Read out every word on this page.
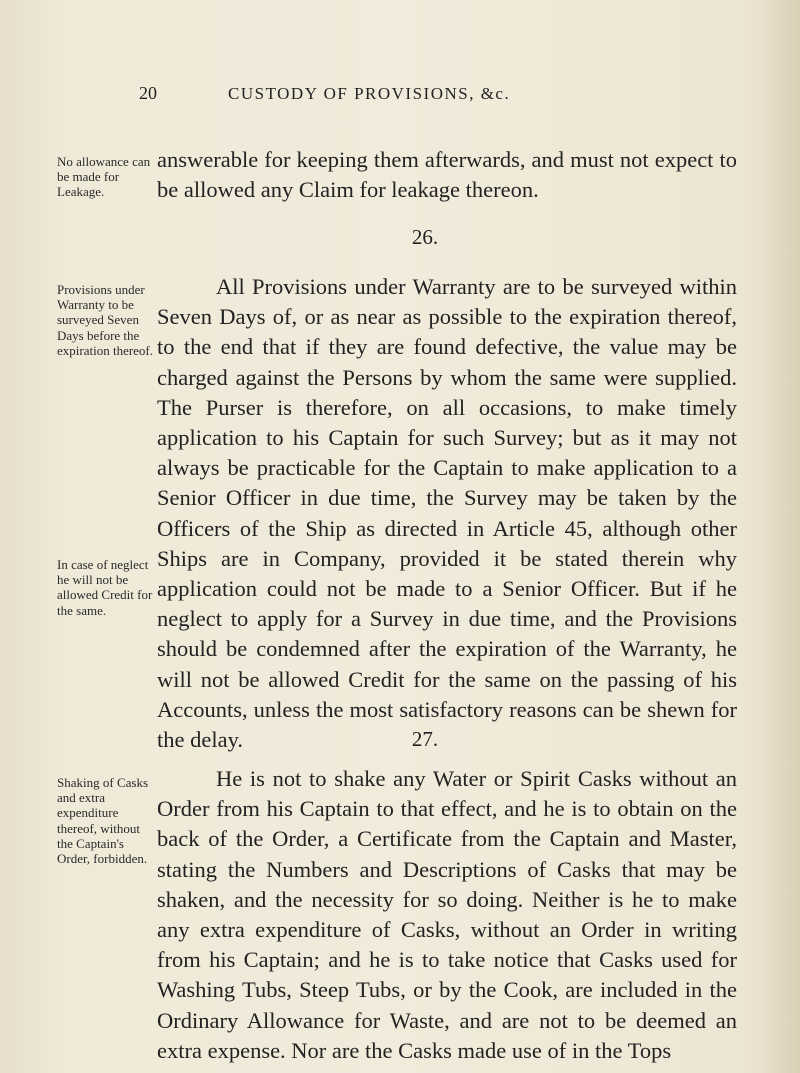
20	CUSTODY OF PROVISIONS, &c.
No allowance can be made for Leakage.

answerable for keeping them afterwards, and must not expect to be allowed any Claim for leakage thereon.

26.
Provisions under Warranty to be surveyed Seven Days before the expiration thereof.
In case of neglect he will not be allowed Credit for the same.

All Provisions under Warranty are to be surveyed within Seven Days of, or as near as possible to the expiration thereof, to the end that if they are found defective, the value may be charged against the Persons by whom the same were supplied. The Purser is therefore, on all occasions, to make timely application to his Captain for such Survey; but as it may not always be practicable for the Captain to make application to a Senior Officer in due time, the Survey may be taken by the Officers of the Ship as directed in Article 45, although other Ships are in Company, provided it be stated therein why application could not be made to a Senior Officer. But if he neglect to apply for a Survey in due time, and the Provisions should be condemned after the expiration of the Warranty, he will not be allowed Credit for the same on the passing of his Accounts, unless the most satisfactory reasons can be shewn for the delay.	27.
Shaking of Casks and extra expenditure thereof, without the Captain's Order, forbidden.

He is not to shake any Water or Spirit Casks without an Order from his Captain to that effect, and he is to obtain on the back of the Order, a Certificate from the Captain and Master, stating the Numbers and Descriptions of Casks that may be shaken, and the necessity for so doing. Neither is he to make any extra expenditure of Casks, without an Order in writing from his Captain; and he is to take notice that Casks used for Washing Tubs, Steep Tubs, or by the Cook, are included in the Ordinary Allowance for Waste, and are not to be deemed an extra expense. Nor are the Casks made use of in the Tops
